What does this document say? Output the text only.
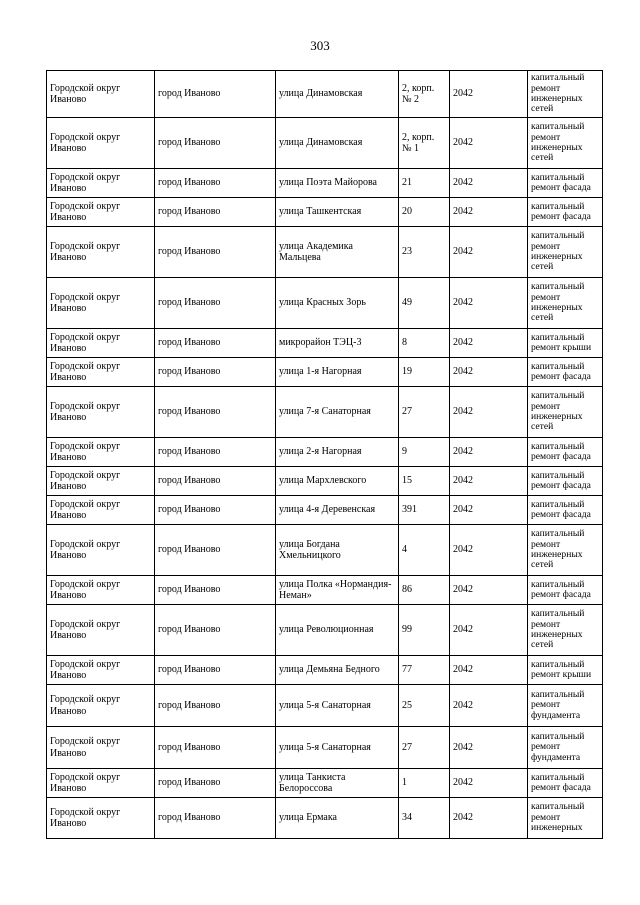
303
Городской округ Иваново	город Иваново	улица Динамовская	2, корп. № 2	2042	капитальный ремонт инженерных сетей
Городской округ Иваново	город Иваново	улица Динамовская	2, корп. № 1	2042	капитальный ремонт инженерных сетей
Городской округ Иваново	город Иваново	улица Поэта Майорова	21	2042	капитальный ремонт фасада
Городской округ Иваново	город Иваново	улица Ташкентская	20	2042	капитальный ремонт фасада
Городской округ Иваново	город Иваново	улица Академика Мальцева	23	2042	капитальный ремонт инженерных сетей
Городской округ Иваново	город Иваново	улица Красных Зорь	49	2042	капитальный ремонт инженерных сетей
Городской округ Иваново	город Иваново	микрорайон ТЭЦ-3	8	2042	капитальный ремонт крыши
Городской округ Иваново	город Иваново	улица 1-я Нагорная	19	2042	капитальный ремонт фасада
Городской округ Иваново	город Иваново	улица 7-я Санаторная	27	2042	капитальный ремонт инженерных сетей
Городской округ Иваново	город Иваново	улица 2-я Нагорная	9	2042	капитальный ремонт фасада
Городской округ Иваново	город Иваново	улица Мархлевского	15	2042	капитальный ремонт фасада
Городской округ Иваново	город Иваново	улица 4-я Деревенская	391	2042	капитальный ремонт фасада
Городской округ Иваново	город Иваново	улица Богдана Хмельницкого	4	2042	капитальный ремонт инженерных сетей
Городской округ Иваново	город Иваново	улица Полка «Нормандия-Неман»	86	2042	капитальный ремонт фасада
Городской округ Иваново	город Иваново	улица Революционная	99	2042	капитальный ремонт инженерных сетей
Городской округ Иваново	город Иваново	улица Демьяна Бедного	77	2042	капитальный ремонт крыши
Городской округ Иваново	город Иваново	улица 5-я Санаторная	25	2042	капитальный ремонт фундамента
Городской округ Иваново	город Иваново	улица 5-я Санаторная	27	2042	капитальный ремонт фундамента
Городской округ Иваново	город Иваново	улица Танкиста Белороссова	1	2042	капитальный ремонт фасада
Городской округ Иваново	город Иваново	улица Ермака	34	2042	капитальный ремонт инженерных
